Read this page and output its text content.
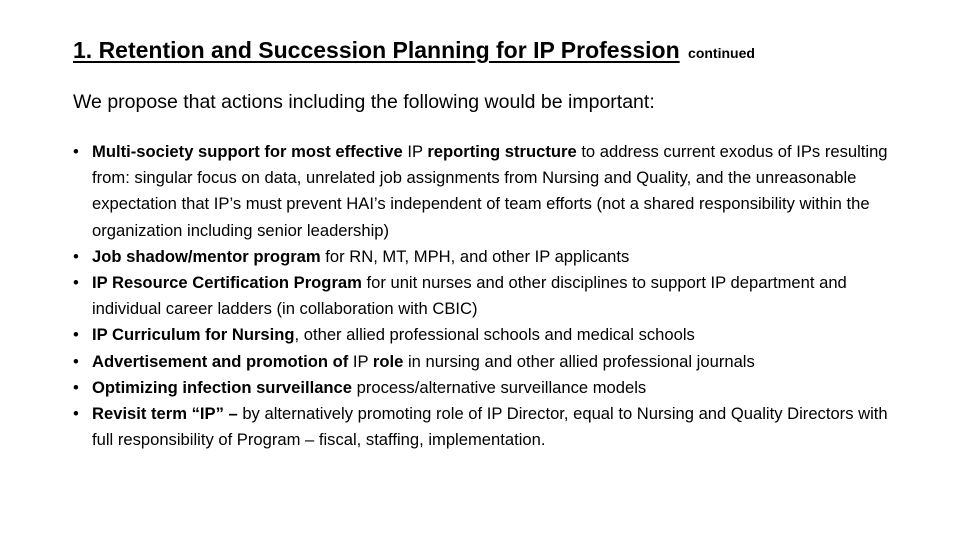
1. Retention and Succession Planning for IP Profession continued
We propose that actions including the following would be important:
• Multi-society support for most effective IP reporting structure to address current exodus of IPs resulting from: singular focus on data, unrelated job assignments from Nursing and Quality, and the unreasonable expectation that IP’s must prevent HAI’s independent of team efforts (not a shared responsibility within the organization including senior leadership)
• Job shadow/mentor program for RN, MT, MPH, and other IP applicants
• IP Resource Certification Program for unit nurses and other disciplines to support IP department and individual career ladders (in collaboration with CBIC)
• IP Curriculum for Nursing, other allied professional schools and medical schools
• Advertisement and promotion of IP role in nursing and other allied professional journals
• Optimizing infection surveillance process/alternative surveillance models
• Revisit term “IP” – by alternatively promoting role of IP Director, equal to Nursing and Quality Directors with full responsibility of Program – fiscal, staffing, implementation.
